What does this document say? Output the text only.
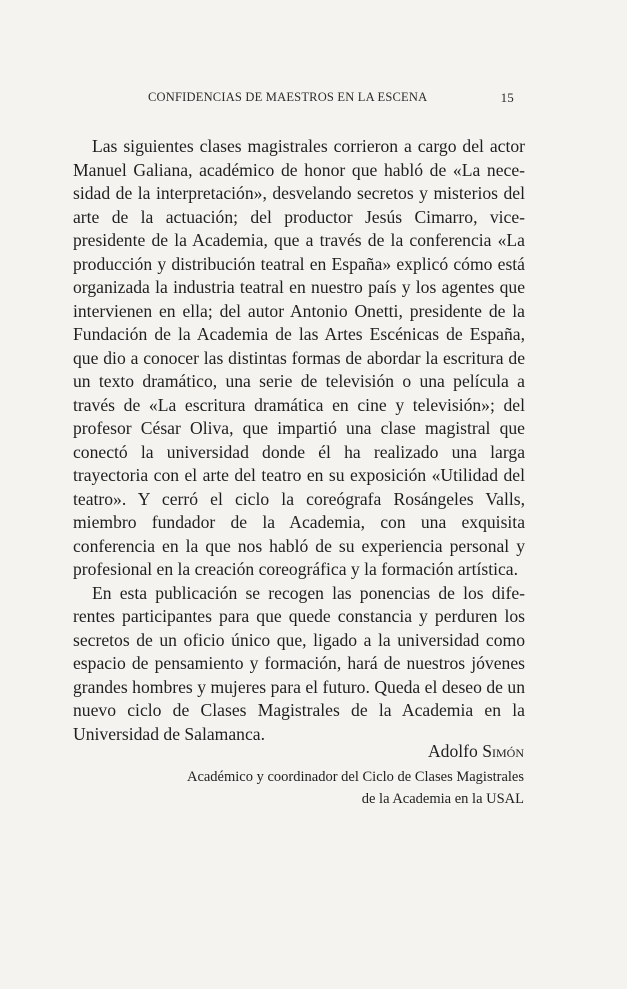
CONFIDENCIAS DE MAESTROS EN LA ESCENA	15

Las siguientes clases magistrales corrieron a cargo del actor Manuel Galiana, académico de honor que habló de «La necesidad de la interpretación», desvelando secretos y misterios del arte de la actuación; del productor Jesús Cimarro, vicepresidente de la Academia, que a través de la conferencia «La producción y distribución teatral en España» explicó cómo está organizada la industria teatral en nuestro país y los agentes que intervienen en ella; del autor Antonio Onetti, presidente de la Fundación de la Academia de las Artes Escénicas de España, que dio a conocer las distintas formas de abordar la escritura de un texto dramático, una serie de televisión o una película a través de «La escritura dramática en cine y televisión»; del profesor César Oliva, que impartió una clase magistral que conectó la universidad donde él ha realizado una larga trayectoria con el arte del teatro en su exposición «Utilidad del teatro». Y cerró el ciclo la coreógrafa Rosángeles Valls, miembro fundador de la Academia, con una exquisita conferencia en la que nos habló de su experiencia personal y profesional en la creación coreográfica y la formación artística.

En esta publicación se recogen las ponencias de los diferentes participantes para que quede constancia y perduren los secretos de un oficio único que, ligado a la universidad como espacio de pensamiento y formación, hará de nuestros jóvenes grandes hombres y mujeres para el futuro. Queda el deseo de un nuevo ciclo de Clases Magistrales de la Academia en la Universidad de Salamanca.

Adolfo Simón
Académico y coordinador del Ciclo de Clases Magistrales
de la Academia en la USAL
